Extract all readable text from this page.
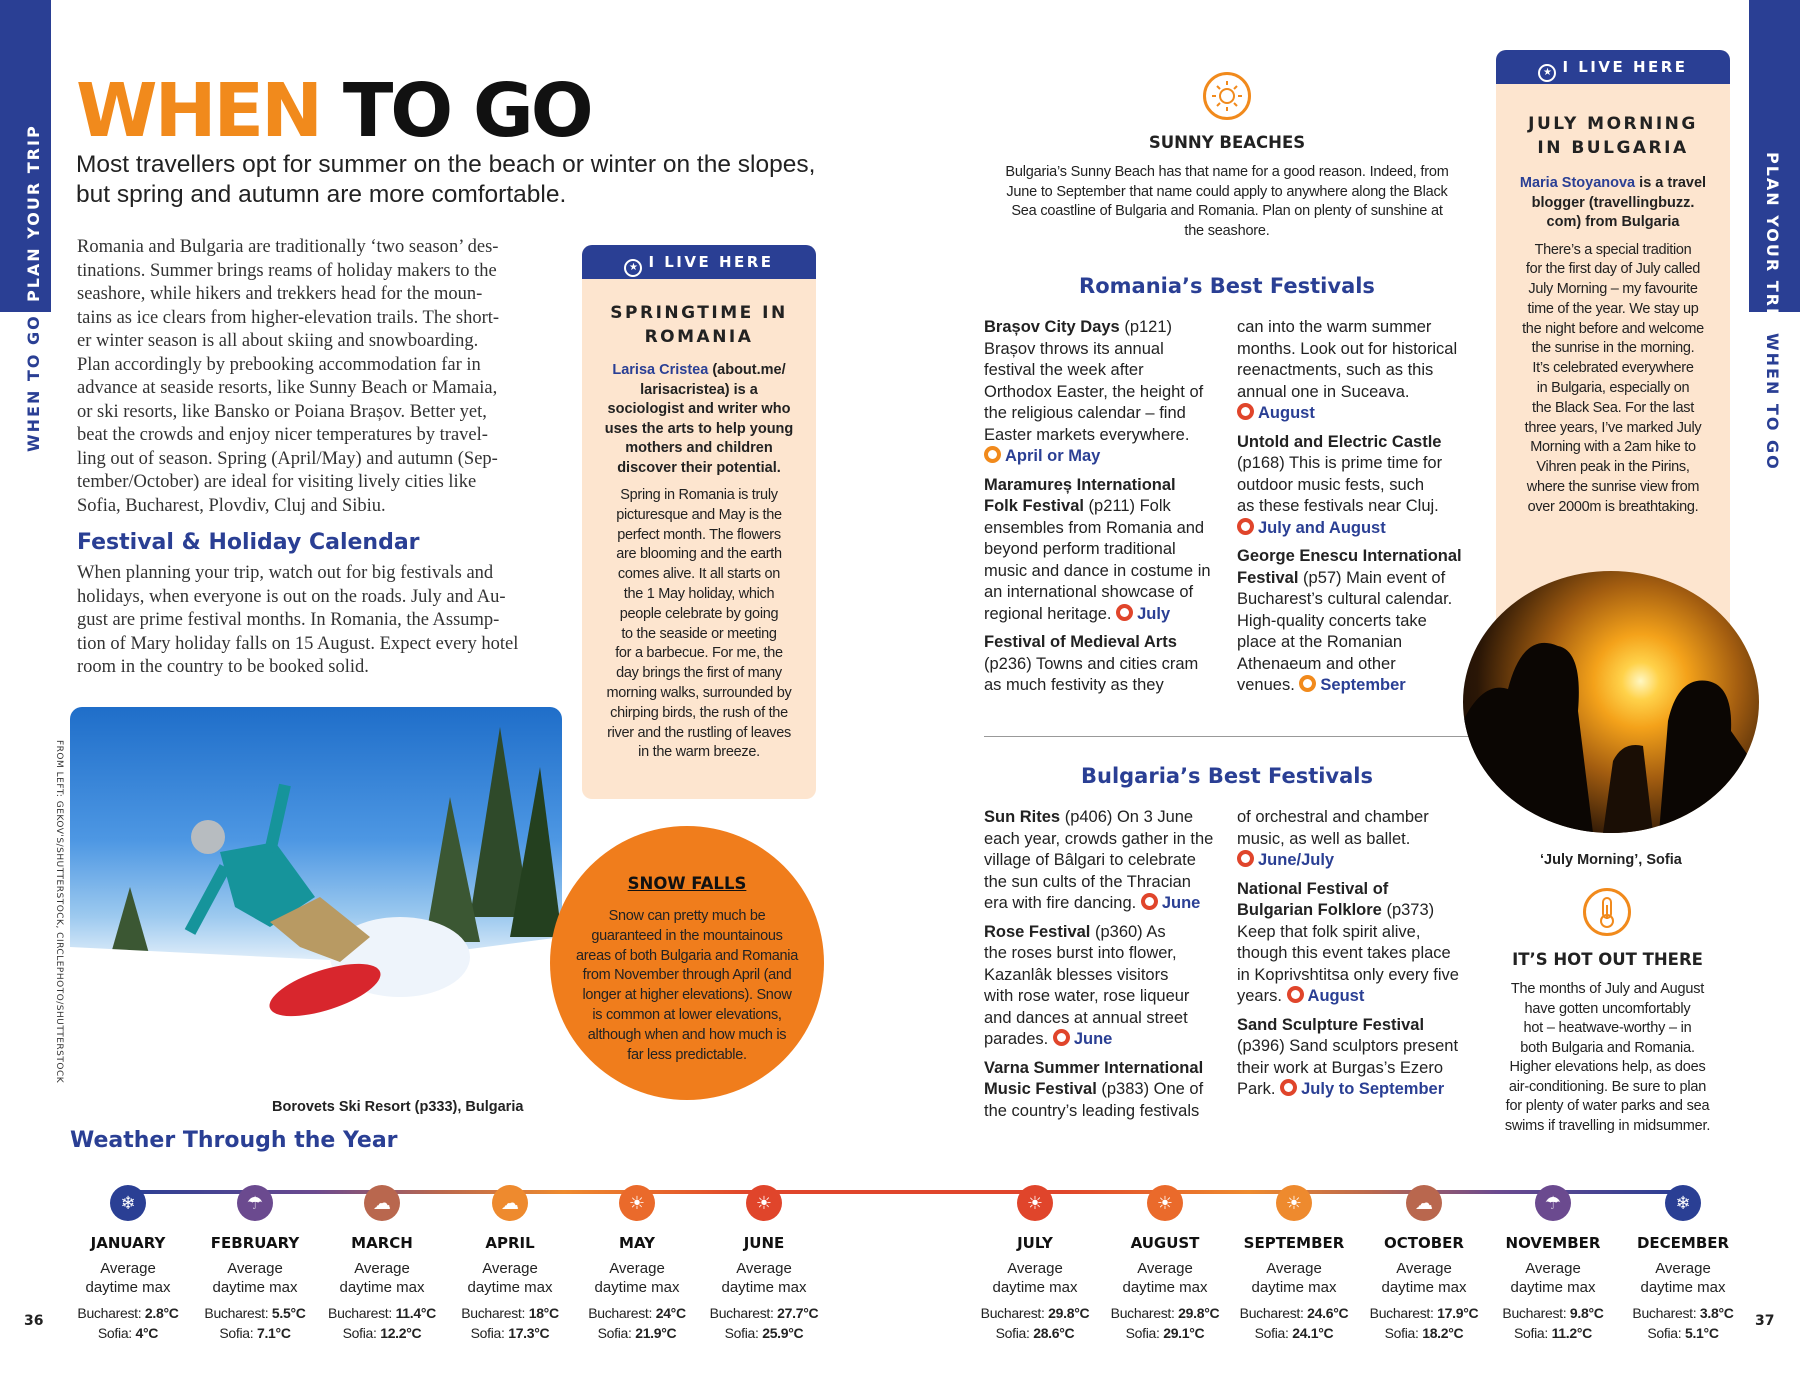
PLAN YOUR TRIP
WHEN TO GO
PLAN YOUR TRIP
WHEN TO GO
WHEN TO GO
Most travellers opt for summer on the beach or winter on the slopes,
but spring and autumn are more comfortable.
Romania and Bulgaria are traditionally ‘two season’ des-
tinations. Summer brings reams of holiday makers to the
seashore, while hikers and trekkers head for the moun-
tains as ice clears from higher-elevation trails. The short-
er winter season is all about skiing and snowboarding.
Plan accordingly by prebooking accommodation far in
advance at seaside resorts, like Sunny Beach or Mamaia,
or ski resorts, like Bansko or Poiana Brașov. Better yet,
beat the crowds and enjoy nicer temperatures by travel-
ling out of season. Spring (April/May) and autumn (Sep-
tember/October) are ideal for visiting lively cities like
Sofia, Bucharest, Plovdiv, Cluj and Sibiu.
Festival & Holiday Calendar
When planning your trip, watch out for big festivals and
holidays, when everyone is out on the roads. July and Au-
gust are prime festival months. In Romania, the Assump-
tion of Mary holiday falls on 15 August. Expect every hotel
room in the country to be booked solid.
FROM LEFT: GEKOV'S/SHUTTERSTOCK, CIRCLEPHOTO/SHUTTERSTOCK
Borovets Ski Resort (p333), Bulgaria
★ I LIVE HERE
SPRINGTIME IN
ROMANIA
Larisa Cristea (about.me/
larisacristea) is a
sociologist and writer who
uses the arts to help young
mothers and children
discover their potential.
Spring in Romania is truly
picturesque and May is the
perfect month. The flowers
are blooming and the earth
comes alive. It all starts on
the 1 May holiday, which
people celebrate by going
to the seaside or meeting
for a barbecue. For me, the
day brings the first of many
morning walks, surrounded by
chirping birds, the rush of the
river and the rustling of leaves
in the warm breeze.
SNOW FALLS
Snow can pretty much be
guaranteed in the mountainous
areas of both Bulgaria and Romania
from November through April (and
longer at higher elevations). Snow
is common at lower elevations,
although when and how much is
far less predictable.
SUNNY BEACHES
Bulgaria’s Sunny Beach has that name for a good reason. Indeed, from
June to September that name could apply to anywhere along the Black
Sea coastline of Bulgaria and Romania. Plan on plenty of sunshine at
the seashore.
Romania’s Best Festivals
Brașov City Days (p121)
Brașov throws its annual
festival the week after
Orthodox Easter, the height of
the religious calendar – find
Easter markets everywhere.
April or May
Maramureș International
Folk Festival (p211) Folk
ensembles from Romania and
beyond perform traditional
music and dance in costume in
an international showcase of
regional heritage. July
Festival of Medieval Arts
(p236) Towns and cities cram
as much festivity as they
can into the warm summer
months. Look out for historical
reenactments, such as this
annual one in Suceava.
August
Untold and Electric Castle
(p168) This is prime time for
outdoor music fests, such
as these festivals near Cluj.
July and August
George Enescu International
Festival (p57) Main event of
Bucharest’s cultural calendar.
High-quality concerts take
place at the Romanian
Athenaeum and other
venues. September
Bulgaria’s Best Festivals
Sun Rites (p406) On 3 June
each year, crowds gather in the
village of Bâlgari to celebrate
the sun cults of the Thracian
era with fire dancing. June
Rose Festival (p360) As
the roses burst into flower,
Kazanlâk blesses visitors
with rose water, rose liqueur
and dances at annual street
parades. June
Varna Summer International
Music Festival (p383) One of
the country’s leading festivals
of orchestral and chamber
music, as well as ballet.
June/July
National Festival of
Bulgarian Folklore (p373)
Keep that folk spirit alive,
though this event takes place
in Koprivshtitsa only every five
years. August
Sand Sculpture Festival
(p396) Sand sculptors present
their work at Burgas’s Ezero
Park. July to September
★ I LIVE HERE
JULY MORNING
IN BULGARIA
Maria Stoyanova is a travel
blogger (travellingbuzz.
com) from Bulgaria
There’s a special tradition
for the first day of July called
July Morning – my favourite
time of the year. We stay up
the night before and welcome
the sunrise in the morning.
It’s celebrated everywhere
in Bulgaria, especially on
the Black Sea. For the last
three years, I’ve marked July
Morning with a 2am hike to
Vihren peak in the Pirins,
where the sunrise view from
over 2000m is breathtaking.
‘July Morning’, Sofia
IT’S HOT OUT THERE
The months of July and August
have gotten uncomfortably
hot – heatwave-worthy – in
both Bulgaria and Romania.
Higher elevations help, as does
air-conditioning. Be sure to plan
for plenty of water parks and sea
swims if travelling in midsummer.
Weather Through the Year
❄
JANUARY
Average
daytime max
Bucharest: 2.8°C
Sofia: 4°C
☂
FEBRUARY
Average
daytime max
Bucharest: 5.5°C
Sofia: 7.1°C
☁
MARCH
Average
daytime max
Bucharest: 11.4°C
Sofia: 12.2°C
☁
APRIL
Average
daytime max
Bucharest: 18°C
Sofia: 17.3°C
☀
MAY
Average
daytime max
Bucharest: 24°C
Sofia: 21.9°C
☀
JUNE
Average
daytime max
Bucharest: 27.7°C
Sofia: 25.9°C
☀
JULY
Average
daytime max
Bucharest: 29.8°C
Sofia: 28.6°C
☀
AUGUST
Average
daytime max
Bucharest: 29.8°C
Sofia: 29.1°C
☀
SEPTEMBER
Average
daytime max
Bucharest: 24.6°C
Sofia: 24.1°C
☁
OCTOBER
Average
daytime max
Bucharest: 17.9°C
Sofia: 18.2°C
☂
NOVEMBER
Average
daytime max
Bucharest: 9.8°C
Sofia: 11.2°C
❄
DECEMBER
Average
daytime max
Bucharest: 3.8°C
Sofia: 5.1°C
36	37
